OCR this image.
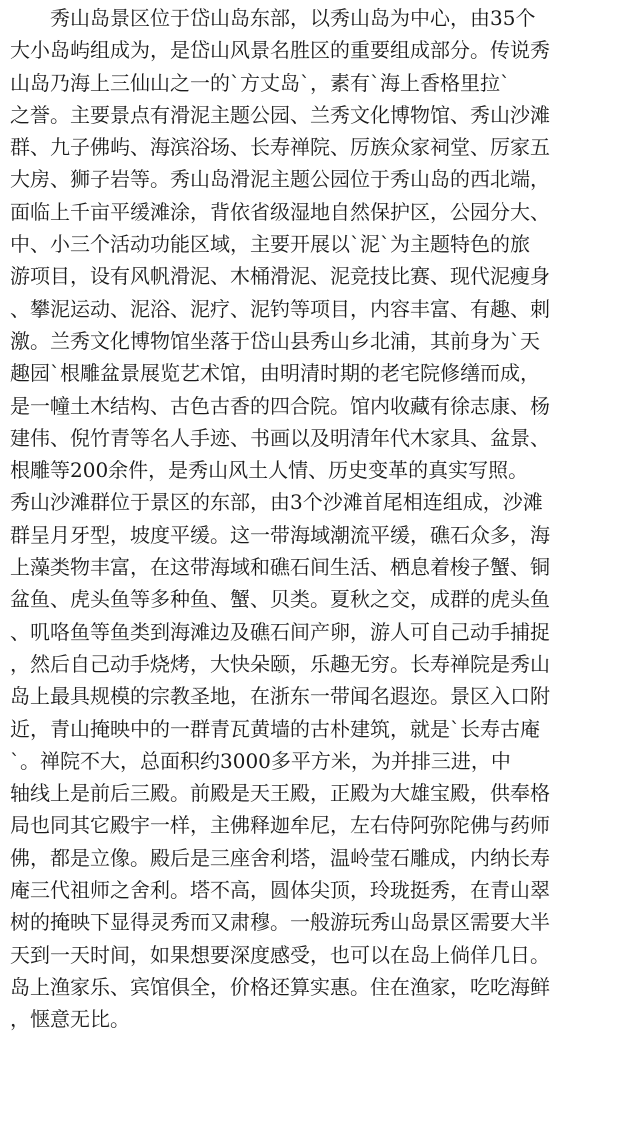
　　秀山岛景区位于岱山岛东部，以秀山岛为中心，由35个
大小岛屿组成为，是岱山风景名胜区的重要组成部分。传说秀
山岛乃海上三仙山之一的`方丈岛`，素有`海上香格里拉`
之誉。主要景点有滑泥主题公园、兰秀文化博物馆、秀山沙滩
群、九子佛屿、海滨浴场、长寿禅院、厉族众家祠堂、厉家五
大房、狮子岩等。秀山岛滑泥主题公园位于秀山岛的西北端，
面临上千亩平缓滩涂，背依省级湿地自然保护区，公园分大、
中、小三个活动功能区域，主要开展以`泥`为主题特色的旅
游项目，设有风帆滑泥、木桶滑泥、泥竞技比赛、现代泥瘦身
、攀泥运动、泥浴、泥疗、泥钓等项目，内容丰富、有趣、刺
激。兰秀文化博物馆坐落于岱山县秀山乡北浦，其前身为`天
趣园`根雕盆景展览艺术馆，由明清时期的老宅院修缮而成，
是一幢土木结构、古色古香的四合院。馆内收藏有徐志康、杨
建伟、倪竹青等名人手迹、书画以及明清年代木家具、盆景、
根雕等200余件，是秀山风土人情、历史变革的真实写照。
秀山沙滩群位于景区的东部，由3个沙滩首尾相连组成，沙滩
群呈月牙型，坡度平缓。这一带海域潮流平缓，礁石众多，海
上藻类物丰富，在这带海域和礁石间生活、栖息着梭子蟹、铜
盆鱼、虎头鱼等多种鱼、蟹、贝类。夏秋之交，成群的虎头鱼
、叽咯鱼等鱼类到海滩边及礁石间产卵，游人可自己动手捕捉
，然后自己动手烧烤，大快朵颐，乐趣无穷。长寿禅院是秀山
岛上最具规模的宗教圣地，在浙东一带闻名遐迩。景区入口附
近，青山掩映中的一群青瓦黄墙的古朴建筑，就是`长寿古庵
`。禅院不大，总面积约3000多平方米，为并排三进，中
轴线上是前后三殿。前殿是天王殿，正殿为大雄宝殿，供奉格
局也同其它殿宇一样，主佛释迦牟尼，左右侍阿弥陀佛与药师
佛，都是立像。殿后是三座舍利塔，温岭莹石雕成，内纳长寿
庵三代祖师之舍利。塔不高，圆体尖顶，玲珑挺秀，在青山翠
树的掩映下显得灵秀而又肃穆。一般游玩秀山岛景区需要大半
天到一天时间，如果想要深度感受，也可以在岛上倘佯几日。
岛上渔家乐、宾馆俱全，价格还算实惠。住在渔家，吃吃海鲜
，惬意无比。
